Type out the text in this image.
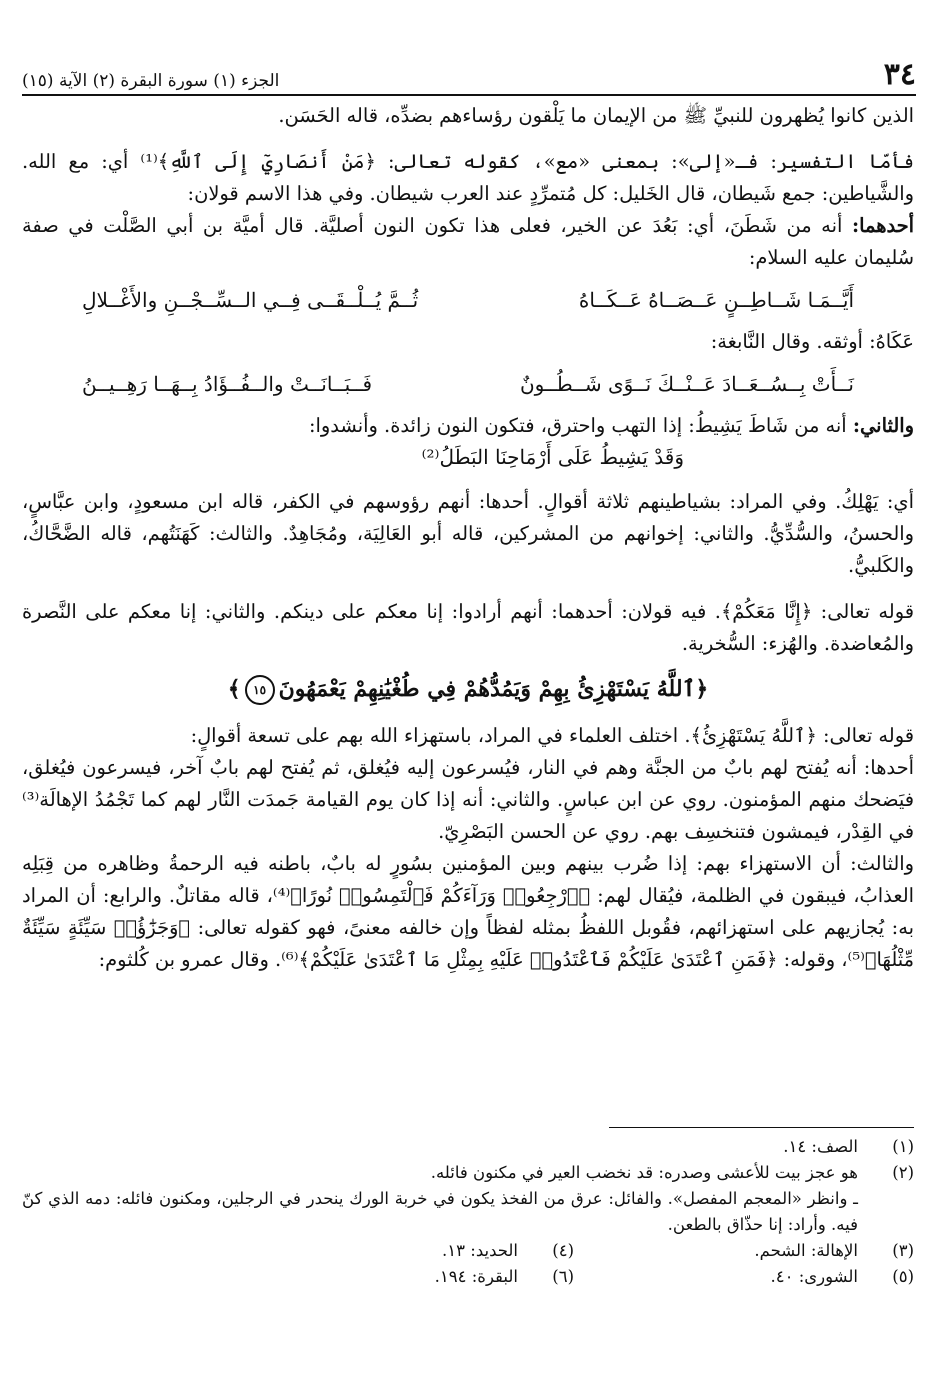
٣٤
الجزء (١) سورة البقرة (٢) الآية (١٥)

الذين كانوا يُظهرون للنبيِّ ﷺ من الإيمان ما يَلْقون رؤساءهم بضدِّه، قاله الحَسَن.

فأمّا التفسير: فـ«إلى»: بمعنى «مع»، كقوله تعالى: ﴿مَنْ أَنصَارِيٓ إِلَى ٱللَّهِ﴾⁽¹⁾ أي: مع الله. والشَّياطين: جمع شَيطان، قال الخَليل: كل مُتمرِّدٍ عند العرب شيطان. وفي هذا الاسم قولان:

أحدهما: أنه من شَطَنَ، أي: بَعُدَ عن الخير، فعلى هذا تكون النون أصليَّة. قال أميَّة بن أبي الصَّلْت في صفة سُليمان عليه السلام:

أَيَّــمَـا شَــاطِــنٍ عَــصَــاهُ عَــكَــاهُ
ثُــمَّ يُــلْــقَــى فِــي الــسِّــجْــنِ والأَغْــلالِ

عَكَاهُ: أوثقه. وقال النَّابغة:

نَــأَتْ بِــسُــعَــادَ عَــنْــكَ نَــوًى شَــطُــونٌ
فَــبَــانَــتْ والــفُــؤَادُ بِــهَــا رَهِــيــنُ

والثاني: أنه من شَاطَ يَشِيطُ: إذا التهب واحترق، فتكون النون زائدة. وأنشدوا:

وَقَدْ يَشِيطُ عَلَى أَرْمَاحِنَا البَطَلُ⁽²⁾

أي: يَهْلِكُ. وفي المراد: بشياطينهم ثلاثة أقوالٍ. أحدها: أنهم رؤوسهم في الكفر، قاله ابن مسعودٍ، وابن عبَّاسٍ، والحسنُ، والسُّدِّيُّ. والثاني: إخوانهم من المشركين، قاله أبو العَالِيَة، ومُجَاهِدٌ. والثالث: كَهَنَتُهم، قاله الضَّحَّاكُ، والكَلبيُّ.

قوله تعالى: ﴿إِنَّا مَعَكُمْ﴾. فيه قولان: أحدهما: أنهم أرادوا: إنا معكم على دينكم. والثاني: إنا معكم على النَّصرة والمُعاضدة. والهُزء: السُّخرية.

﴿ٱللَّهُ يَسْتَهْزِئُ بِهِمْ وَيَمُدُّهُمْ فِي طُغْيَٰنِهِمْ يَعْمَهُونَ١٥﴾

قوله تعالى: ﴿ٱللَّهُ يَسْتَهْزِئُ﴾. اختلف العلماء في المراد، باستهزاء الله بهم على تسعة أقوالٍ:

أحدها: أنه يُفتح لهم بابٌ من الجنَّة وهم في النار، فيُسرعون إليه فيُغلق، ثم يُفتح لهم بابٌ آخر، فيسرعون فيُغلق، فيَضحك منهم المؤمنون. روي عن ابن عباسٍ. والثاني: أنه إذا كان يوم القيامة جَمدَت النَّار لهم كما تَجْمُدُ الإهالَة⁽³⁾ في القِدْر، فيمشون فتنخسِف بهم. روي عن الحسن البَصْرِيّ.

والثالث: أن الاستهزاء بهم: إذا ضُرب بينهم وبين المؤمنين بسُورٍ له بابٌ، باطنه فيه الرحمةُ وظاهره من قِبَلِه العذابُ، فيبقون في الظلمة، فيُقال لهم: ﴿ٱرْجِعُوا۟ وَرَآءَكُمْ فَٱلْتَمِسُوا۟ نُورًا﴾⁽⁴⁾، قاله مقاتلٌ. والرابع: أن المراد به: يُجازيهم على استهزائهم، فقُوبل اللفظُ بمثله لفظاً وإن خالفه معنىً، فهو كقوله تعالى: ﴿وَجَزَٰٓؤُا۟ سَيِّئَةٍ سَيِّئَةٌ مِّثْلُهَا﴾⁽⁵⁾، وقوله: ﴿فَمَنِ ٱعْتَدَىٰ عَلَيْكُمْ فَٱعْتَدُوا۟ عَلَيْهِ بِمِثْلِ مَا ٱعْتَدَىٰ عَلَيْكُمْ﴾⁽⁶⁾. وقال عمرو بن كُلثوم:

(١)
الصف: ١٤.
(٢)
هو عجز بيت للأعشى وصدره: قد نخضب العير في مكنون فائله.
ـ وانظر «المعجم المفصل». والفائل: عرق من الفخذ يكون في خربة الورك ينحدر في الرجلين، ومكنون فائله: دمه الذي كنّ فيه. وأراد: إنا حذّاق بالطعن.
(٣)
الإهالة: الشحم.
(٤)
الحديد: ١٣.
(٥)
الشورى: ٤٠.
(٦)
البقرة: ١٩٤.
